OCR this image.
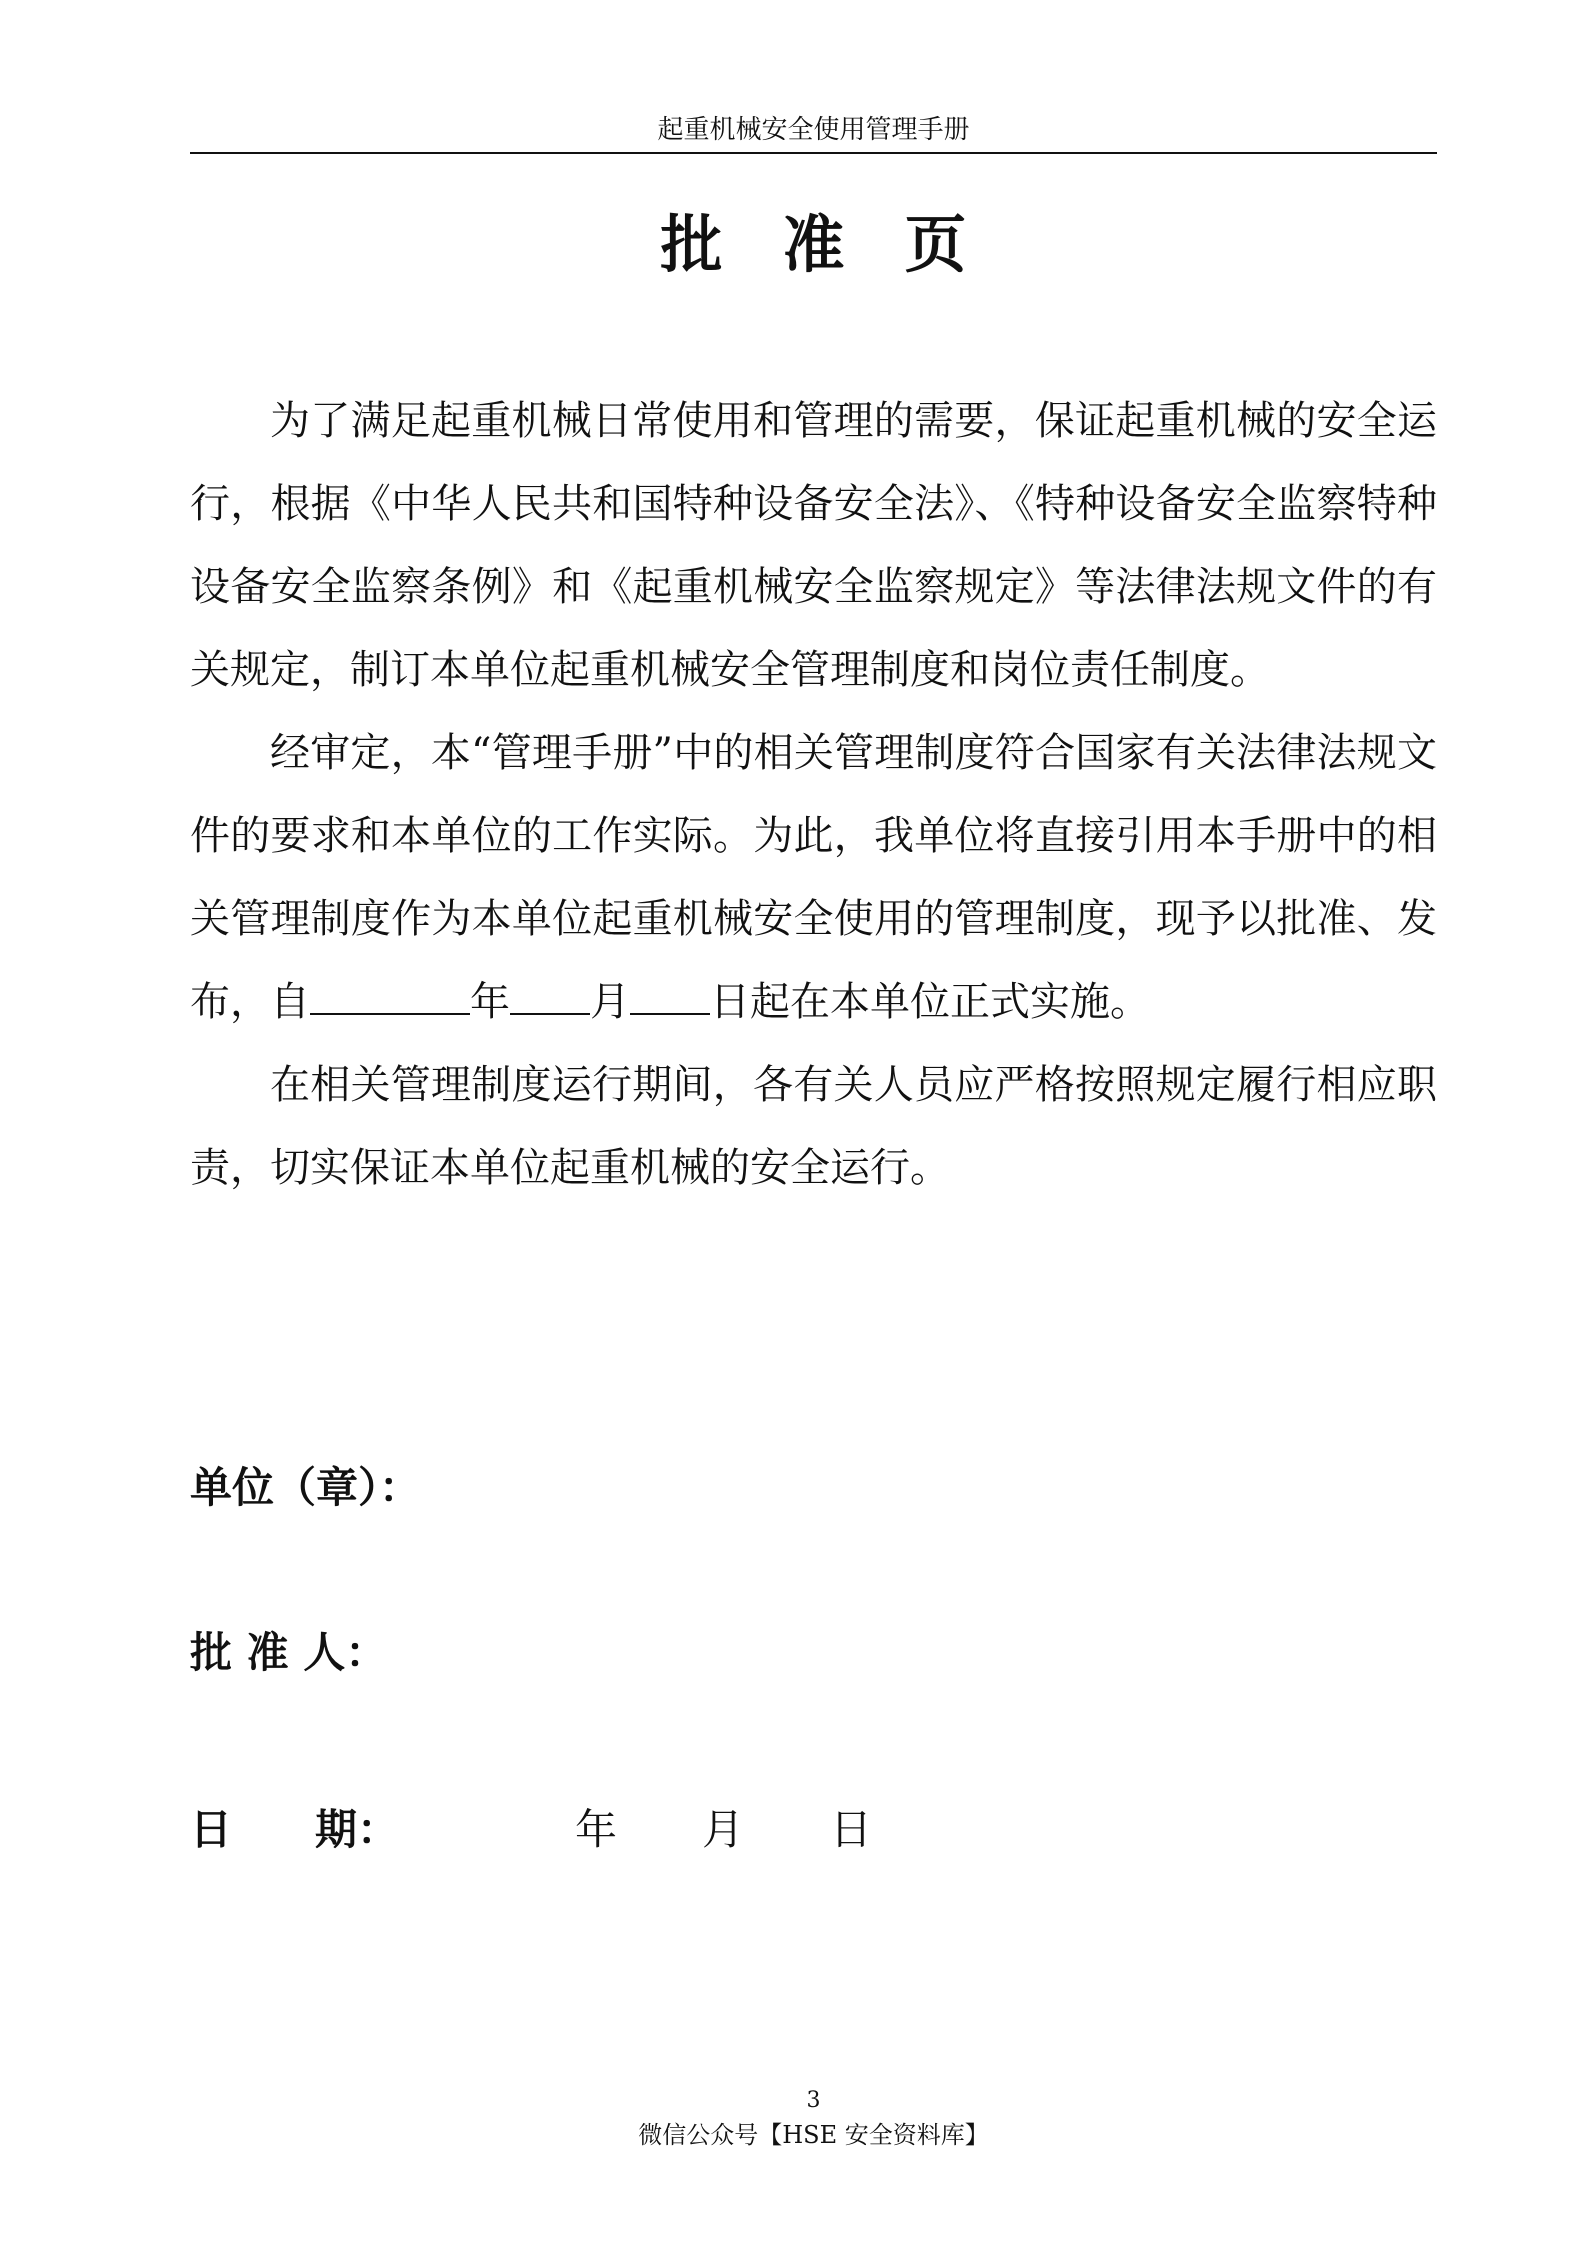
起重机械安全使用管理手册
批准页

为了满足起重机械日常使用和管理的需要，保证起重机械的安全运行，根据《中华人民共和国特种设备安全法》、《特种设备安全监察特种设备安全监察条例》和《起重机械安全监察规定》等法律法规文件的有关规定，制订本单位起重机械安全管理制度和岗位责任制度。

经审定，本“管理手册”中的相关管理制度符合国家有关法律法规文件的要求和本单位的工作实际。为此，我单位将直接引用本手册中的相关管理制度作为本单位起重机械安全使用的管理制度，现予以批准、发布，自	年 月 日起在本单位正式实施。

在相关管理制度运行期间，各有关人员应严格按照规定履行相应职责，切实保证本单位起重机械的安全运行。

单位（章）：
批 准 人：
日 期：	年 月 日
3
微信公众号【HSE 安全资料库】
